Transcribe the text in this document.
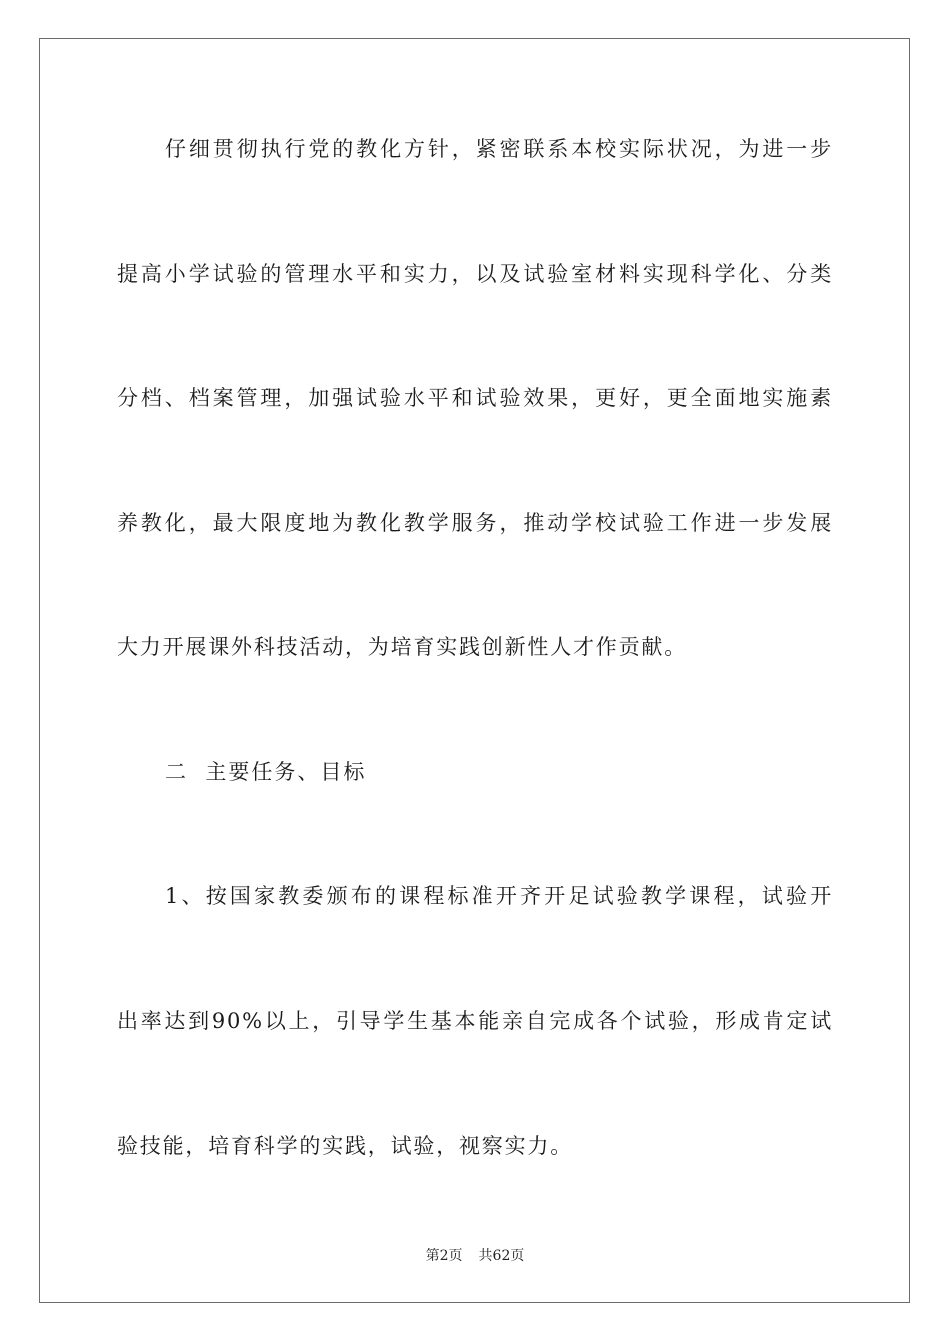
仔细贯彻执行党的教化方针，紧密联系本校实际状况，为进一步
提高小学试验的管理水平和实力，以及试验室材料实现科学化、分类
分档、档案管理，加强试验水平和试验效果，更好，更全面地实施素
养教化，最大限度地为教化教学服务，推动学校试验工作进一步发展
大力开展课外科技活动，为培育实践创新性人才作贡献。
二  主要任务、目标
1、按国家教委颁布的课程标准开齐开足试验教学课程，试验开
出率达到90%以上，引导学生基本能亲自完成各个试验，形成肯定试
验技能，培育科学的实践，试验，视察实力。
第2页 共62页
